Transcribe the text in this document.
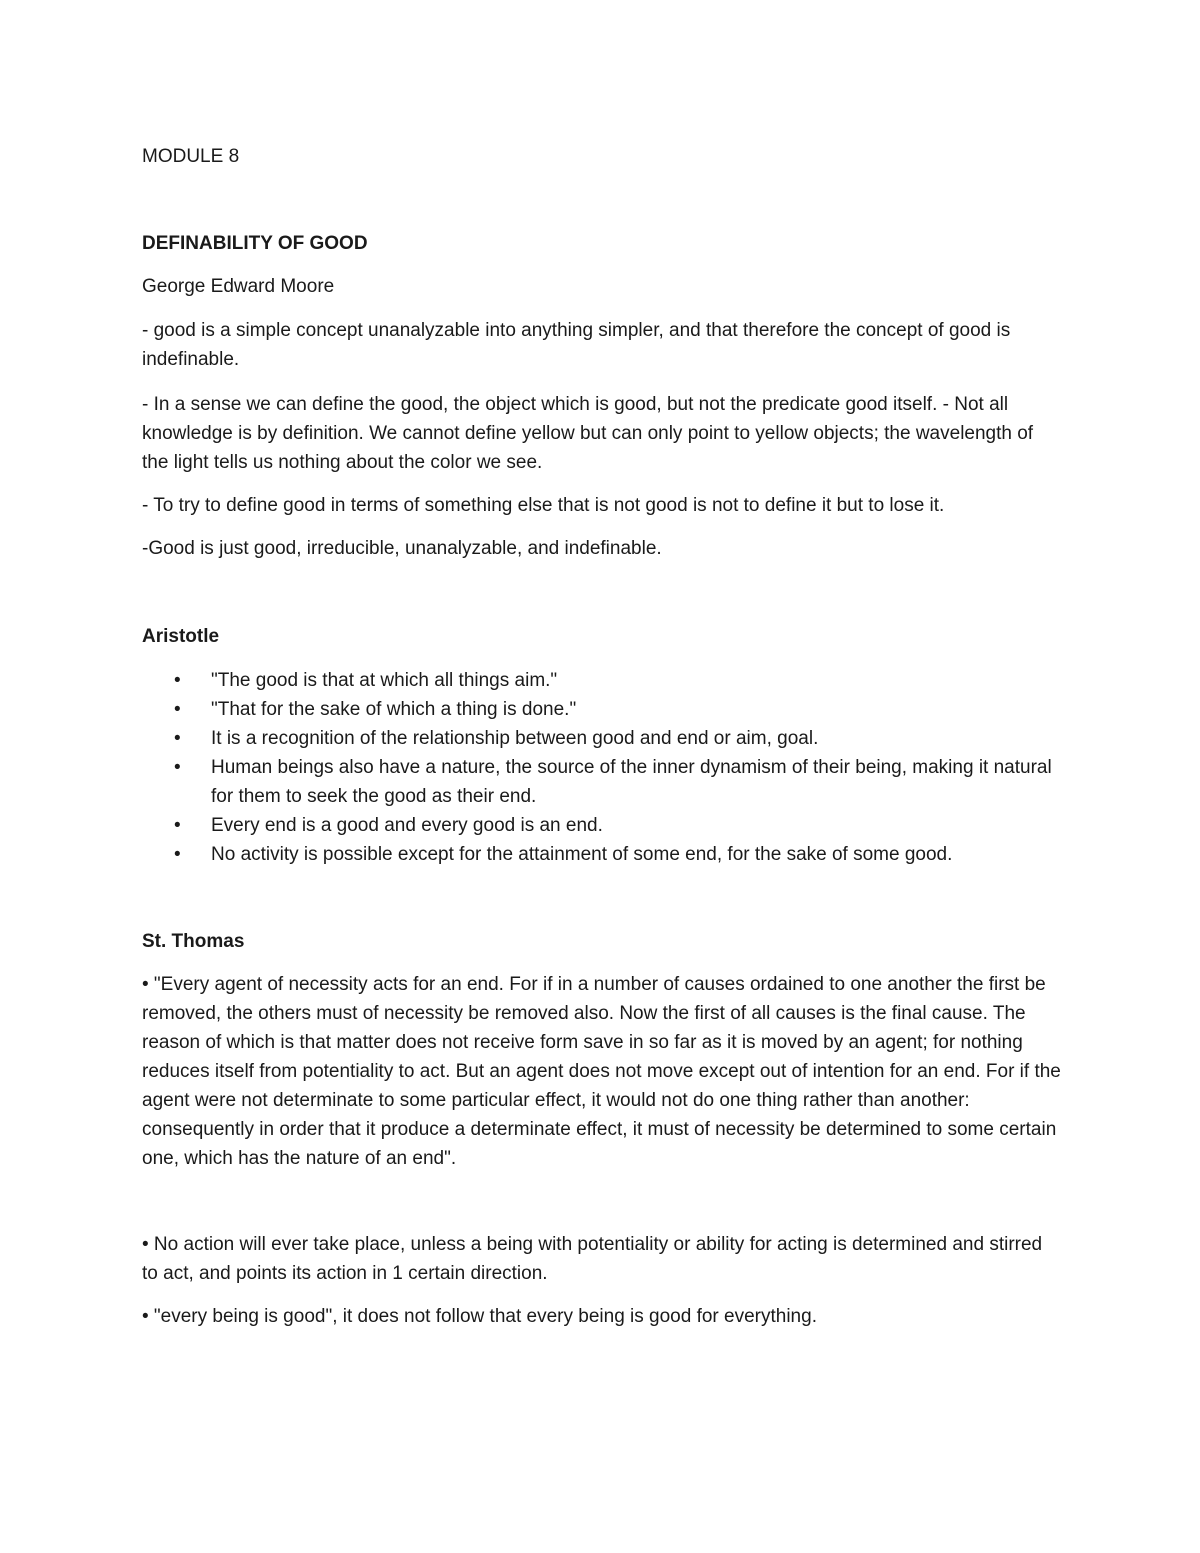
MODULE 8

DEFINABILITY OF GOOD

George Edward Moore

- good is a simple concept unanalyzable into anything simpler, and that therefore the concept of good is indefinable.

- In a sense we can define the good, the object which is good, but not the predicate good itself. - Not all knowledge is by definition. We cannot define yellow but can only point to yellow objects; the wavelength of the light tells us nothing about the color we see.

- To try to define good in terms of something else that is not good is not to define it but to lose it.

-Good is just good, irreducible, unanalyzable, and indefinable.

Aristotle

• "The good is that at which all things aim."
• "That for the sake of which a thing is done."
• It is a recognition of the relationship between good and end or aim, goal.
• Human beings also have a nature, the source of the inner dynamism of their being, making it natural for them to seek the good as their end.
• Every end is a good and every good is an end.
• No activity is possible except for the attainment of some end, for the sake of some good.

St. Thomas

• "Every agent of necessity acts for an end. For if in a number of causes ordained to one another the first be removed, the others must of necessity be removed also. Now the first of all causes is the final cause. The reason of which is that matter does not receive form save in so far as it is moved by an agent; for nothing reduces itself from potentiality to act. But an agent does not move except out of intention for an end. For if the agent were not determinate to some particular effect, it would not do one thing rather than another: consequently in order that it produce a determinate effect, it must of necessity be determined to some certain one, which has the nature of an end".

• No action will ever take place, unless a being with potentiality or ability for acting is determined and stirred to act, and points its action in 1 certain direction.

• "every being is good", it does not follow that every being is good for everything.
